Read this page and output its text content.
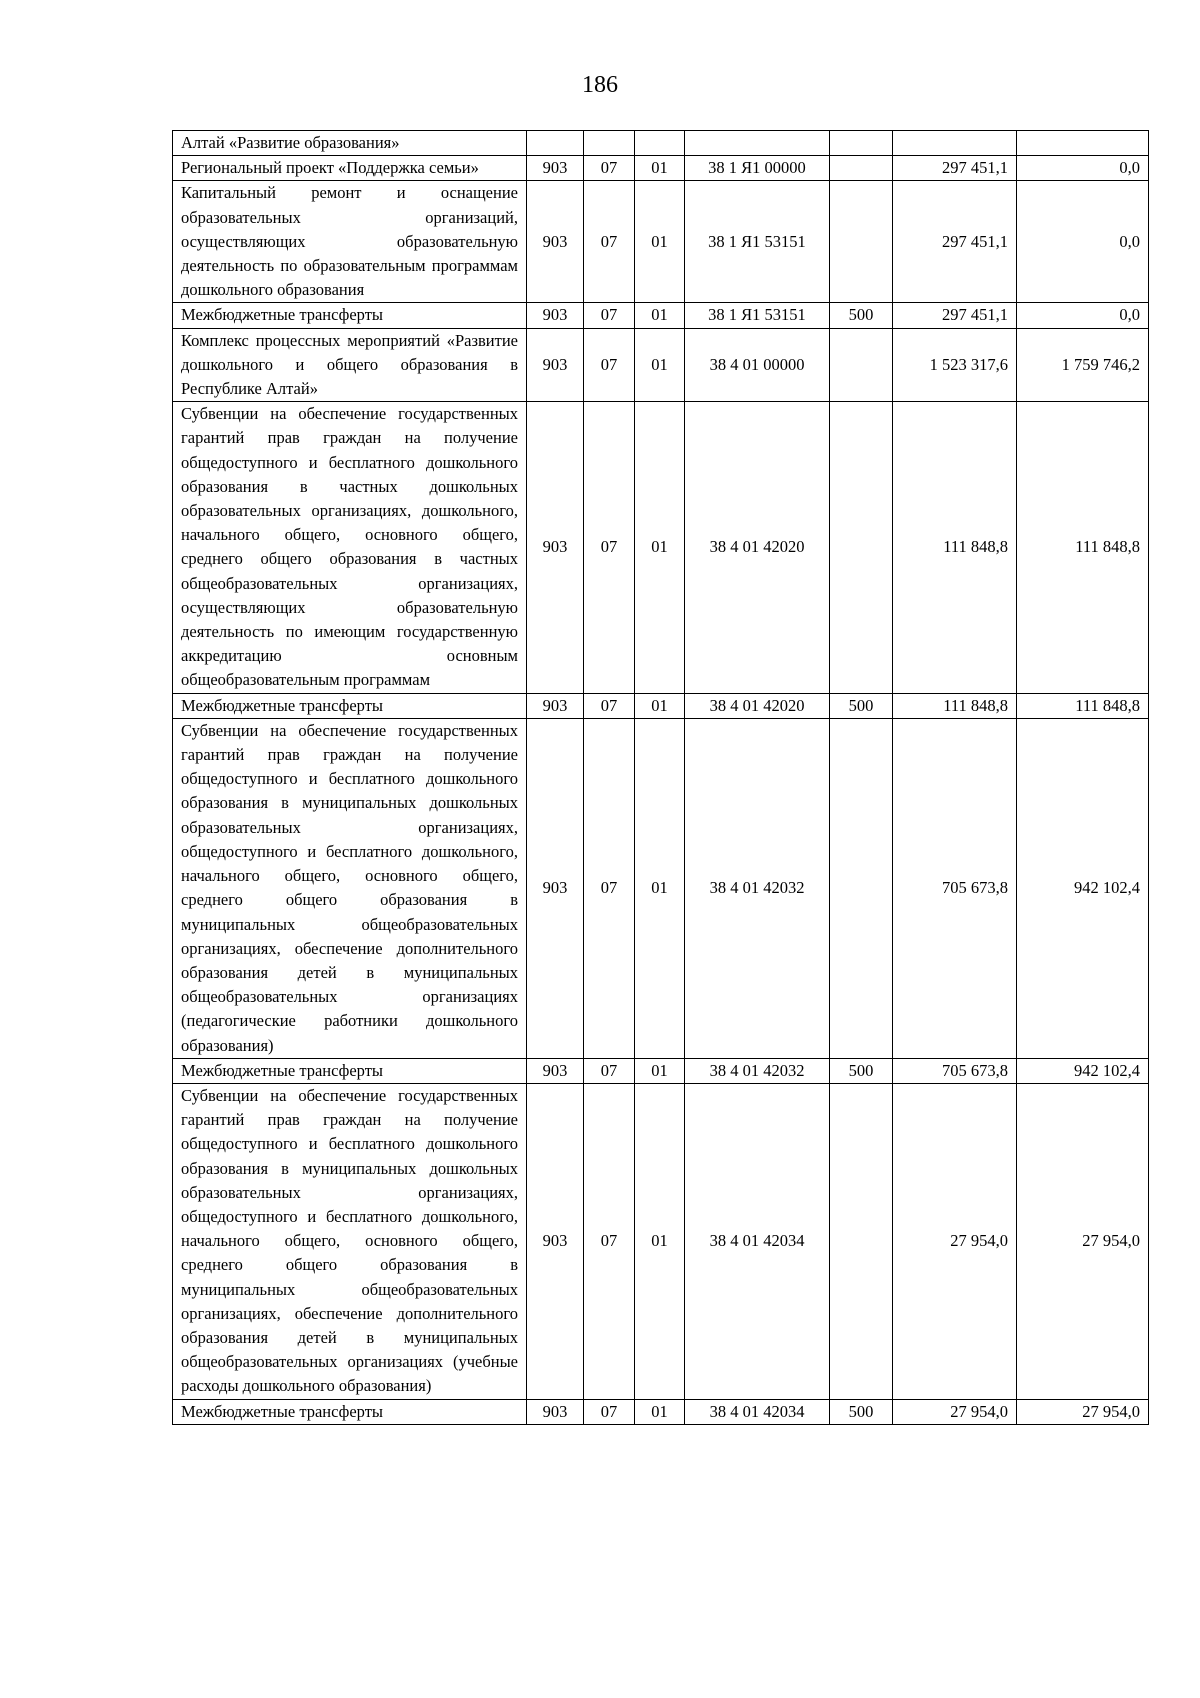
186
Алтай «Развитие образования»							
Региональный проект «Поддержка семьи»	903	07	01	38 1 Я1 00000		297 451,1	0,0
Капитальный ремонт и оснащение образовательных организаций, осуществляющих образовательную деятельность по образовательным программам дошкольного образования	903	07	01	38 1 Я1 53151		297 451,1	0,0
Межбюджетные трансферты	903	07	01	38 1 Я1 53151	500	297 451,1	0,0
Комплекс процессных мероприятий «Развитие дошкольного и общего образования в Республике Алтай»	903	07	01	38 4 01 00000		1 523 317,6	1 759 746,2
Субвенции на обеспечение государственных гарантий прав граждан на получение общедоступного и бесплатного дошкольного образования в частных дошкольных образовательных организациях, дошкольного, начального общего, основного общего, среднего общего образования в частных общеобразовательных организациях, осуществляющих образовательную деятельность по имеющим государственную аккредитацию основным общеобразовательным программам	903	07	01	38 4 01 42020		111 848,8	111 848,8
Межбюджетные трансферты	903	07	01	38 4 01 42020	500	111 848,8	111 848,8
Субвенции на обеспечение государственных гарантий прав граждан на получение общедоступного и бесплатного дошкольного образования в муниципальных дошкольных образовательных организациях, общедоступного и бесплатного дошкольного, начального общего, основного общего, среднего общего образования в муниципальных общеобразовательных организациях, обеспечение дополнительного образования детей в муниципальных общеобразовательных организациях (педагогические работники дошкольного образования)	903	07	01	38 4 01 42032		705 673,8	942 102,4
Межбюджетные трансферты	903	07	01	38 4 01 42032	500	705 673,8	942 102,4
Субвенции на обеспечение государственных гарантий прав граждан на получение общедоступного и бесплатного дошкольного образования в муниципальных дошкольных образовательных организациях, общедоступного и бесплатного дошкольного, начального общего, основного общего, среднего общего образования в муниципальных общеобразовательных организациях, обеспечение дополнительного образования детей в муниципальных общеобразовательных организациях (учебные расходы дошкольного образования)	903	07	01	38 4 01 42034		27 954,0	27 954,0
Межбюджетные трансферты	903	07	01	38 4 01 42034	500	27 954,0	27 954,0
